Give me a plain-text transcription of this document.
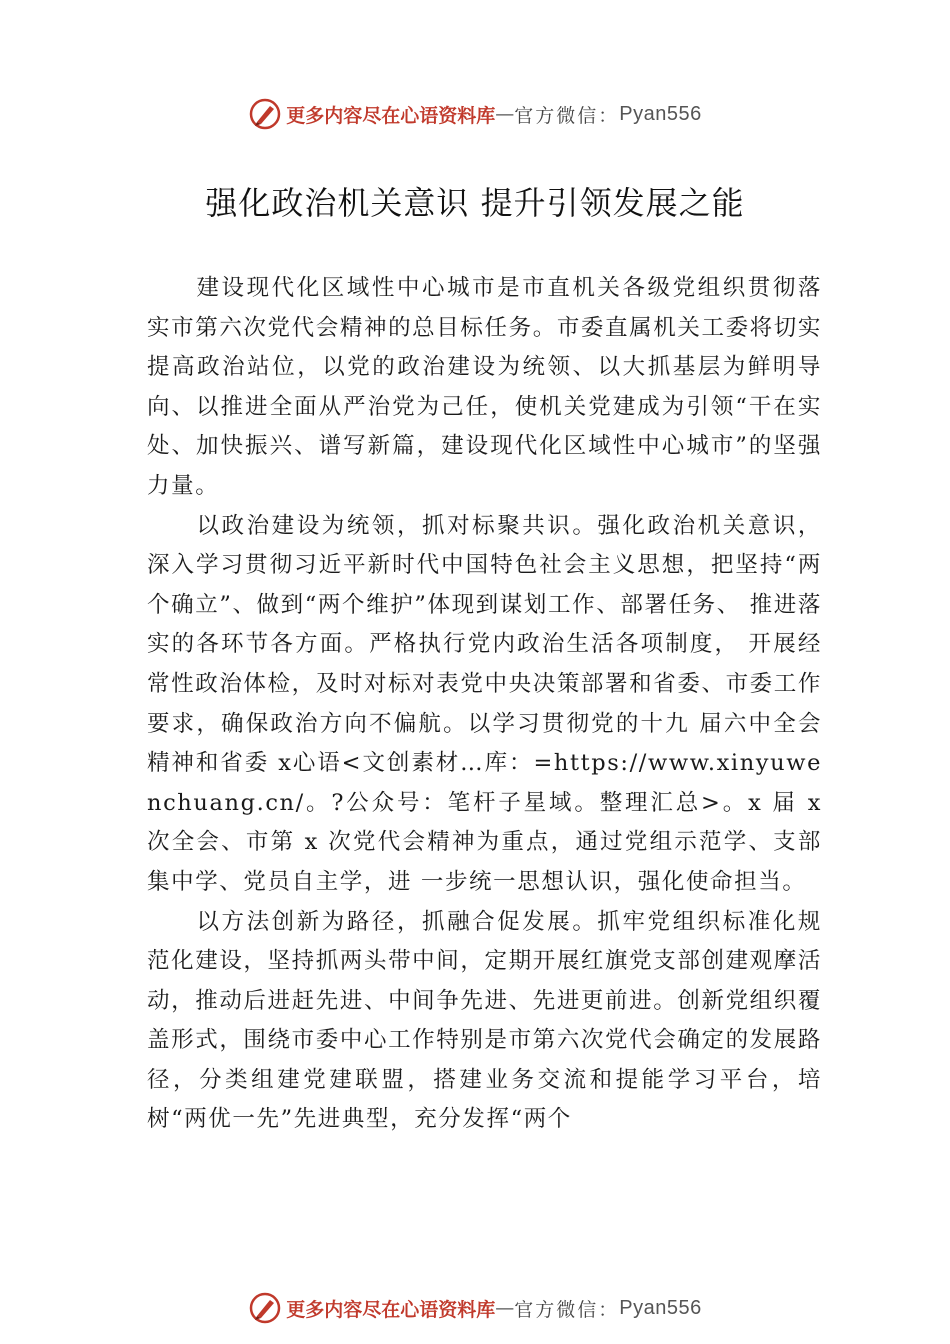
更多内容尽在心语资料库 — 官方微信： Pyan556
强化政治机关意识 提升引领发展之能

建设现代化区域性中心城市是市直机关各级党组织贯彻落实市第六次党代会精神的总目标任务。市委直属机关工委将切实提高政治站位，以党的政治建设为统领、以大抓基层为鲜明导向、以推进全面从严治党为己任，使机关党建成为引领“干在实处、加快振兴、谱写新篇，建设现代化区域性中心城市”的坚强力量。

以政治建设为统领，抓对标聚共识。强化政治机关意识， 深入学习贯彻习近平新时代中国特色社会主义思想，把坚持“两个确立”、做到“两个维护”体现到谋划工作、部署任务、 推进落实的各环节各方面。严格执行党内政治生活各项制度， 开展经常性政治体检，及时对标对表党中央决策部署和省委、市委工作要求，确保政治方向不偏航。以学习贯彻党的十九 届六中全会精神和省委 x心语<文创素材…库：=https://www.xinyuwenchuang.cn/。?公众号：笔杆子星域。整理汇总>。x 届 x 次全会、市第 x 次党代会精神为重点，通过党组示范学、支部集中学、党员自主学，进 一步统一思想认识，强化使命担当。

以方法创新为路径，抓融合促发展。抓牢党组织标准化规范化建设，坚持抓两头带中间，定期开展红旗党支部创建观摩活动，推动后进赶先进、中间争先进、先进更前进。创新党组织覆盖形式，围绕市委中心工作特别是市第六次党代会确定的发展路径，分类组建党建联盟，搭建业务交流和提能学习平台，培树“两优一先”先进典型，充分发挥“两个

更多内容尽在心语资料库 — 官方微信： Pyan556
